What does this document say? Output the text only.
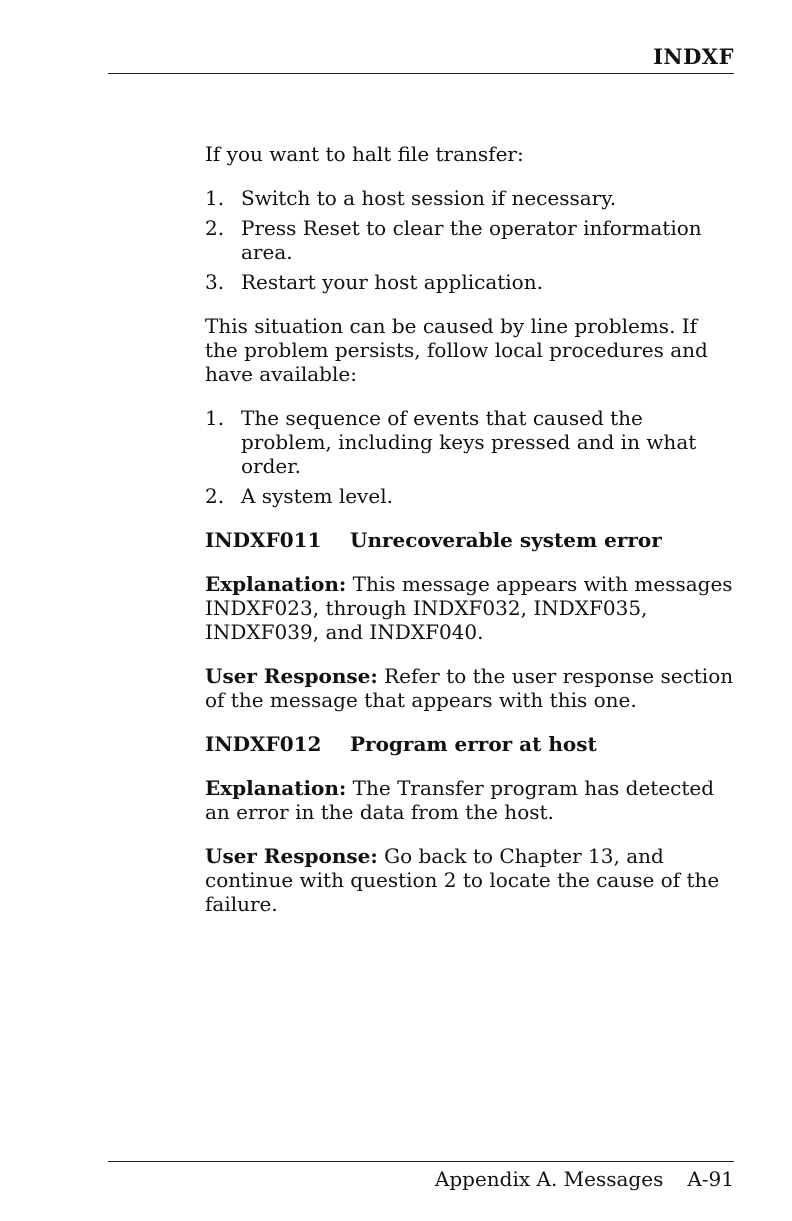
INDXF

If you want to halt file transfer:

1. Switch to a host session if necessary.
2. Press Reset to clear the operator information area.
3. Restart your host application.

This situation can be caused by line problems. If the problem persists, follow local procedures and have available:

1. The sequence of events that caused the problem, including keys pressed and in what order.
2. A system level.
INDXF011 Unrecoverable system error

Explanation: This message appears with messages INDXF023, through INDXF032, INDXF035, INDXF039, and INDXF040.

User Response: Refer to the user response section of the message that appears with this one.

INDXF012 Program error at host

Explanation: The Transfer program has detected an error in the data from the host.

User Response: Go back to Chapter 13, and continue with question 2 to locate the cause of the failure.

Appendix A. Messages A-91
